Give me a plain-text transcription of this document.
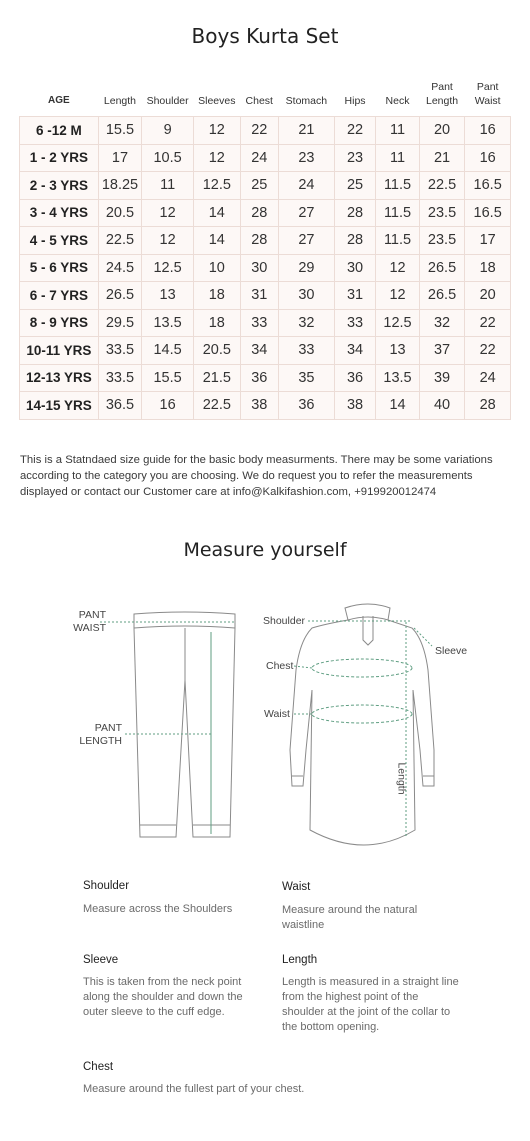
Boys Kurta Set
AGE	Length	Shoulder	Sleeves	Chest	Stomach	Hips	Neck	Pant Length	Pant Waist
6 -12 M	15.5	9	12	22	21	22	11	20	16
1 - 2 YRS	17	10.5	12	24	23	23	11	21	16
2 - 3 YRS	18.25	11	12.5	25	24	25	11.5	22.5	16.5
3 - 4 YRS	20.5	12	14	28	27	28	11.5	23.5	16.5
4 - 5 YRS	22.5	12	14	28	27	28	11.5	23.5	17
5 - 6 YRS	24.5	12.5	10	30	29	30	12	26.5	18
6 - 7 YRS	26.5	13	18	31	30	31	12	26.5	20
8 - 9 YRS	29.5	13.5	18	33	32	33	12.5	32	22
10-11 YRS	33.5	14.5	20.5	34	33	34	13	37	22
12-13 YRS	33.5	15.5	21.5	36	35	36	13.5	39	24
14-15 YRS	36.5	16	22.5	38	36	38	14	40	28

This is a Statndaed size guide for the basic body measurments. There may be some variations according to the category you are choosing. We do request you to refer the measurements displayed or contact our Customer care at info@Kalkifashion.com, +919920012474

Measure yourself
PANT
WAIST
PANT
LENGTH
Shoulder
Chest
Waist
Sleeve
Length
Shoulder

Measure across the Shoulders

Waist

Measure around the natural waistline

Sleeve

This is taken from the neck point along the shoulder and down the outer sleeve to the cuff edge.

Length

Length is measured in a straight line from the highest point of the shoulder at the joint of the collar to the bottom opening.

Chest

Measure around the fullest part of your chest.
